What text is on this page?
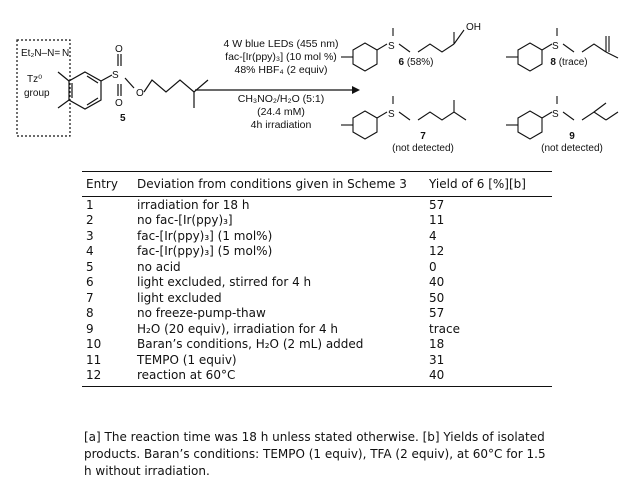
Et₂N–N= N
Tz⁰
group
S
O
O
O
5
S	S
S	S
OH
4 W blue LEDs (455 nm)
fac-[Ir(ppy)₃] (10 mol %)
48% HBF₄ (2 equiv)
CH₃NO₂/H₂O (5:1)
(24.4 mM)
4h irradiation
6 (58%)	8 (trace)
7
(not detected)
9
(not detected)
Entry	Deviation from conditions given in Scheme 3	Yield of 6 [%][b]
1	irradiation for 18 h	57
2	no fac-[Ir(ppy)₃]	11
3	fac-[Ir(ppy)₃] (1 mol%)	4
4	fac-[Ir(ppy)₃] (5 mol%)	12
5	no acid	0
6	light excluded, stirred for 4 h	40
7	light excluded	50
8	no freeze-pump-thaw	57
9	H₂O (20 equiv), irradiation for 4 h	trace
10	Baran’s conditions, H₂O (2 mL) added	18
11	TEMPO (1 equiv)	31
12	reaction at 60°C	40
[a] The reaction time was 18 h unless stated otherwise. [b] Yields of isolated products. Baran’s conditions: TEMPO (1 equiv), TFA (2 equiv), at 60°C for 1.5 h without irradiation.
